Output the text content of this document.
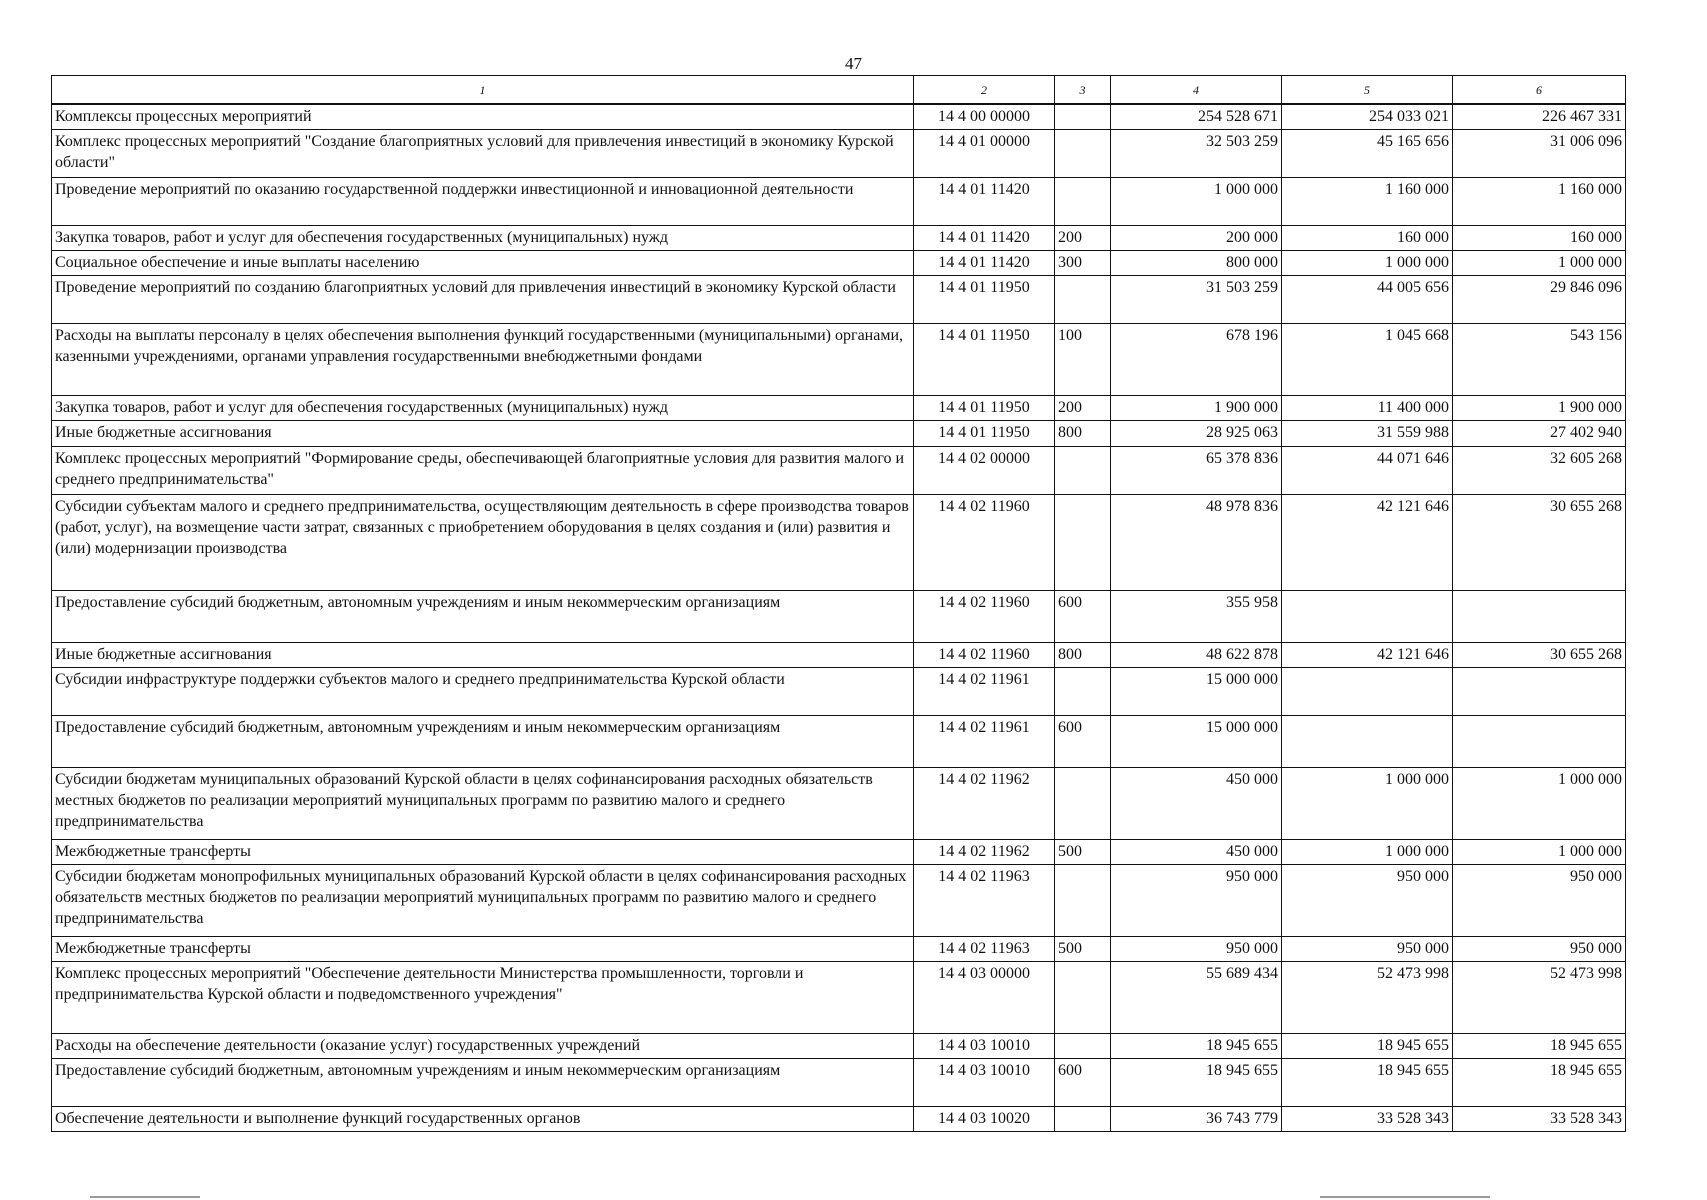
47
1	2	3	4	5	6
Комплексы процессных мероприятий	14 4 00 00000		254 528 671	254 033 021	226 467 331
Комплекс процессных мероприятий "Создание благоприятных условий для привлечения инвестиций в экономику Курской области"	14 4 01 00000		32 503 259	45 165 656	31 006 096
Проведение мероприятий по оказанию государственной поддержки инвестиционной и инновационной деятельности	14 4 01 11420		1 000 000	1 160 000	1 160 000
Закупка товаров, работ и услуг для обеспечения государственных (муниципальных) нужд	14 4 01 11420	200	200 000	160 000	160 000
Социальное обеспечение и иные выплаты населению	14 4 01 11420	300	800 000	1 000 000	1 000 000
Проведение мероприятий по созданию благоприятных условий для привлечения инвестиций в экономику Курской области	14 4 01 11950		31 503 259	44 005 656	29 846 096
Расходы на выплаты персоналу в целях обеспечения выполнения функций государственными (муниципальными) органами, казенными учреждениями, органами управления государственными внебюджетными фондами	14 4 01 11950	100	678 196	1 045 668	543 156
Закупка товаров, работ и услуг для обеспечения государственных (муниципальных) нужд	14 4 01 11950	200	1 900 000	11 400 000	1 900 000
Иные бюджетные ассигнования	14 4 01 11950	800	28 925 063	31 559 988	27 402 940
Комплекс процессных мероприятий "Формирование среды, обеспечивающей благоприятные условия для развития малого и среднего предпринимательства"	14 4 02 00000		65 378 836	44 071 646	32 605 268
Субсидии субъектам малого и среднего предпринимательства, осуществляющим деятельность в сфере производства товаров (работ, услуг), на возмещение части затрат, связанных с приобретением оборудования в целях создания и (или) развития и (или) модернизации производства	14 4 02 11960		48 978 836	42 121 646	30 655 268
Предоставление субсидий бюджетным, автономным учреждениям и иным некоммерческим организациям	14 4 02 11960	600	355 958		
Иные бюджетные ассигнования	14 4 02 11960	800	48 622 878	42 121 646	30 655 268
Субсидии инфраструктуре поддержки субъектов малого и среднего предпринимательства Курской области	14 4 02 11961		15 000 000		
Предоставление субсидий бюджетным, автономным учреждениям и иным некоммерческим организациям	14 4 02 11961	600	15 000 000		
Субсидии бюджетам муниципальных образований Курской области в целях софинансирования расходных обязательств местных бюджетов по реализации мероприятий муниципальных программ по развитию малого и среднего предпринимательства	14 4 02 11962		450 000	1 000 000	1 000 000
Межбюджетные трансферты	14 4 02 11962	500	450 000	1 000 000	1 000 000
Субсидии бюджетам монопрофильных муниципальных образований Курской области в целях софинансирования расходных обязательств местных бюджетов по реализации мероприятий муниципальных программ по развитию малого и среднего предпринимательства	14 4 02 11963		950 000	950 000	950 000
Межбюджетные трансферты	14 4 02 11963	500	950 000	950 000	950 000
Комплекс процессных мероприятий "Обеспечение деятельности Министерства промышленности, торговли и предпринимательства Курской области и подведомственного учреждения"	14 4 03 00000		55 689 434	52 473 998	52 473 998
Расходы на обеспечение деятельности (оказание услуг) государственных учреждений	14 4 03 10010		18 945 655	18 945 655	18 945 655
Предоставление субсидий бюджетным, автономным учреждениям и иным некоммерческим организациям	14 4 03 10010	600	18 945 655	18 945 655	18 945 655
Обеспечение деятельности и выполнение функций государственных органов	14 4 03 10020		36 743 779	33 528 343	33 528 343
